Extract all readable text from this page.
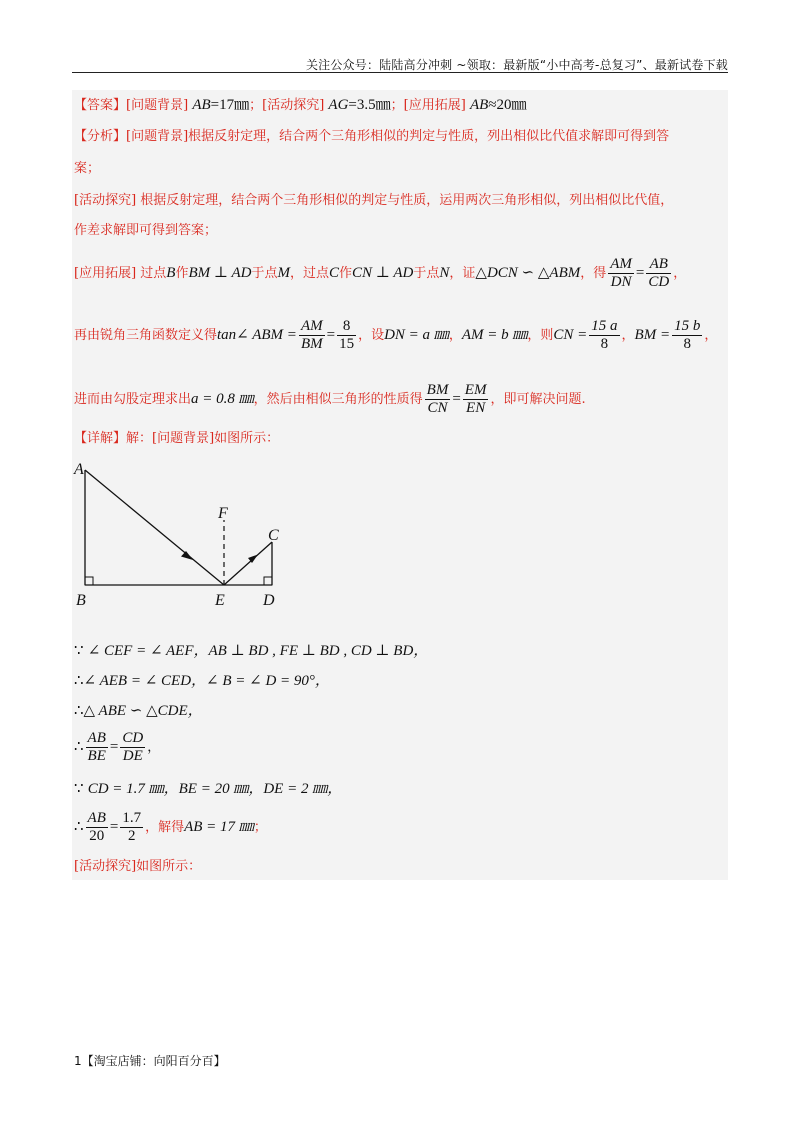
关注公众号：陆陆高分冲刺 ~领取：最新版“小中高考-总复习”、最新试卷下载
【答案】[问题背景] AB=17㎜；[活动探究] AG=3.5㎜；[应用拓展] AB≈20㎜
【分析】[问题背景]根据反射定理，结合两个三角形相似的判定与性质，列出相似比代值求解即可得到答
案；
[活动探究] 根据反射定理，结合两个三角形相似的判定与性质，运用两次三角形相似，列出相似比代值，
作差求解即可得到答案；
[应用拓展] 过点B作BM ⊥ AD于点M，过点C作CN ⊥ AD于点N，证△DCN ∽ △ABM，得 $\frac{AM}{DN} = \frac{AB}{CD}$ ，
再由锐角三角函数定义得tan∠ ABM = $\frac{AM}{BM} = \frac{8}{15}$ ，设DN = a ㎜，AM = b ㎜，则CN = $\frac{15 a}{8}$ ，BM = $\frac{15 b}{8}$ ，
进而由勾股定理求出a = 0.8 ㎜，然后由相似三角形的性质得 $\frac{BM}{CN} = \frac{EM}{EN}$ ，即可解决问题.
【详解】解：[问题背景]如图所示：
A
B
C
D
E
F
∵ ∠ CEF = ∠ AEF，AB ⊥ BD , FE ⊥ BD , CD ⊥ BD，
∴∠ AEB = ∠ CED，∠ B = ∠ D = 90°，
∴△ ABE ∽ △CDE，
∴ $\frac{AB}{BE} = \frac{CD}{DE}$ ，
∵ CD = 1.7 ㎜，BE = 20 ㎜，DE = 2 ㎜，
∴ $\frac{AB}{20} = \frac{1.7}{2}$ ，解得AB = 17 ㎜；
[活动探究]如图所示：
1【淘宝店铺：向阳百分百】
